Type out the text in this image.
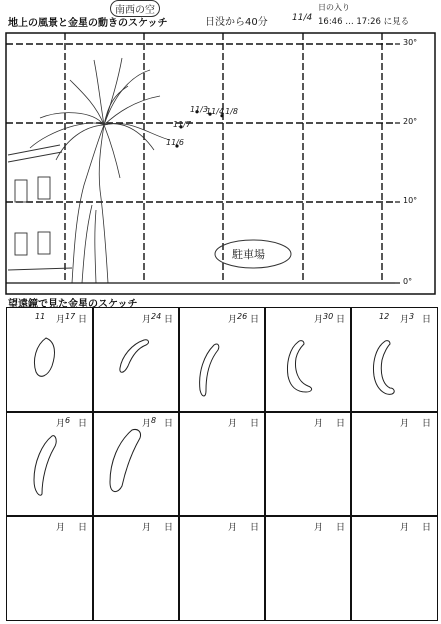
地上の風景と金星の動きのスケッチ
南西の空
日没から40分
日の入り
11/4 16:46 … 17:26 に見る
30°
20°
10°
0°
駐車場
11/6
11/7
11/3
11/4
11/8
望遠鏡で見た金星のスケッチ
11 月 17 日	月 24 日	月 26 日	月 30 日	12 月 3 日
月 6 日	月 8 日	月 日	月 日	月 日
月 日	月 日	月 日	月 日	月 日
